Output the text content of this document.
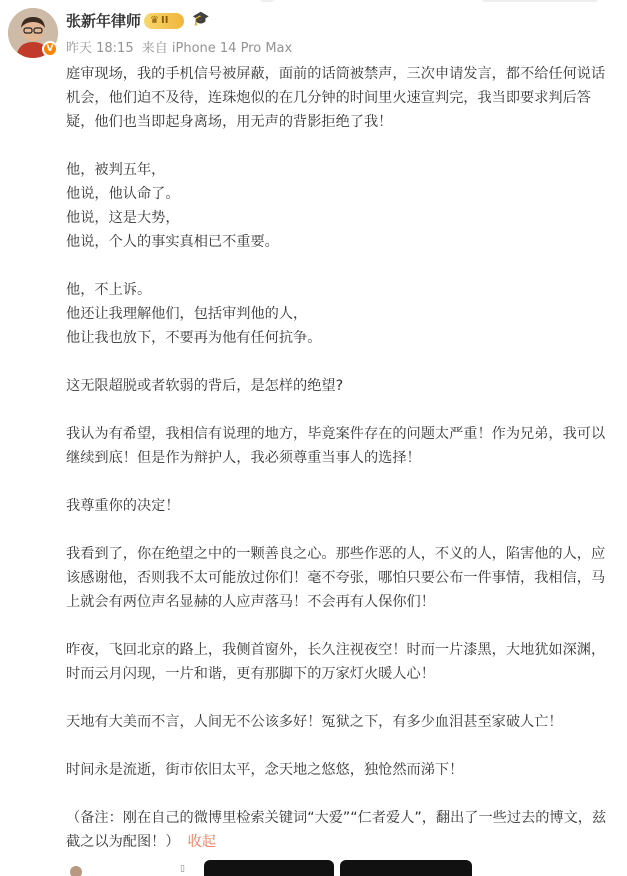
V
张新年律师 ♛ II	🎓
昨天 18:15 来自 iPhone 14 Pro Max

庭审现场，我的手机信号被屏蔽，面前的话筒被禁声，三次申请发言，都不给任何说话机会，他们迫不及待，连珠炮似的在几分钟的时间里火速宣判完，我当即要求判后答疑，他们也当即起身离场，用无声的背影拒绝了我！

他，被判五年，

他说，他认命了。

他说，这是大势，

他说，个人的事实真相已不重要。

他，不上诉。

他还让我理解他们，包括审判他的人，

他让我也放下，不要再为他有任何抗争。

这无限超脱或者软弱的背后，是怎样的绝望?

我认为有希望，我相信有说理的地方，毕竟案件存在的问题太严重！作为兄弟，我可以继续到底！但是作为辩护人，我必须尊重当事人的选择！

我尊重你的决定！

我看到了，你在绝望之中的一颗善良之心。那些作恶的人，不义的人，陷害他的人，应该感谢他，否则我不太可能放过你们！毫不夸张，哪怕只要公布一件事情，我相信，马上就会有两位声名显赫的人应声落马！不会再有人保你们！

昨夜，飞回北京的路上，我侧首窗外，长久注视夜空！时而一片漆黑，大地犹如深渊，时而云月闪现，一片和谐，更有那脚下的万家灯火暖人心！

天地有大美而不言，人间无不公该多好！冤狱之下，有多少血泪甚至家破人亡！

时间永是流逝，街市依旧太平，念天地之悠悠，独怆然而涕下！

（备注：刚在自己的微博里检索关键词“大爱”“仁者爱人”，翻出了一些过去的博文，兹截之以为配图！） 收起

▯
